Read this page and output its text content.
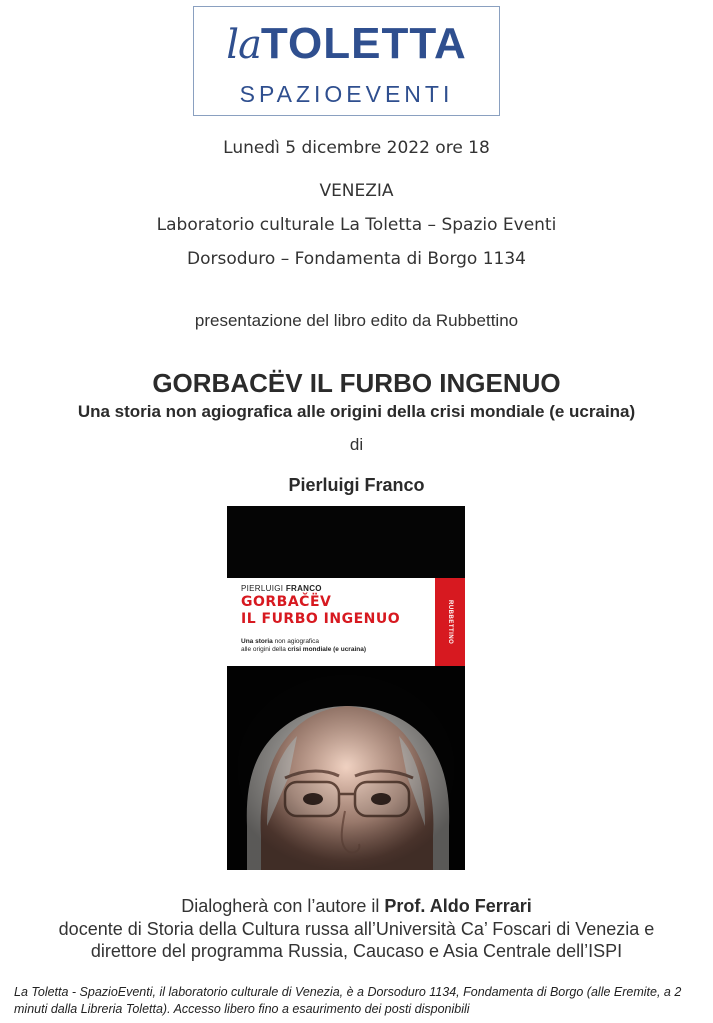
laTOLETTA
SPAZIOEVENTI
Lunedì 5 dicembre 2022 ore 18
VENEZIA
Laboratorio culturale La Toletta – Spazio Eventi
Dorsoduro – Fondamenta di Borgo 1134
presentazione del libro edito da Rubbettino
GORBACËV IL FURBO INGENUO
Una storia non agiografica alle origini della crisi mondiale (e ucraina)
di
Pierluigi Franco
PIERLUIGI FRANCO
GORBAČËV
IL FURBO INGENUO
Una storia non agiografica
alle origini della crisi mondiale (e ucraina)
RUBBETTINO
Dialogherà con l’autore il Prof. Aldo Ferrari
docente di Storia della Cultura russa all’Università Ca’ Foscari di Venezia e
direttore del programma Russia, Caucaso e Asia Centrale dell’ISPI
La Toletta - SpazioEventi, il laboratorio culturale di Venezia, è a Dorsoduro 1134, Fondamenta di Borgo (alle Eremite, a 2 minuti dalla Libreria Toletta). Accesso libero fino a esaurimento dei posti disponibili
